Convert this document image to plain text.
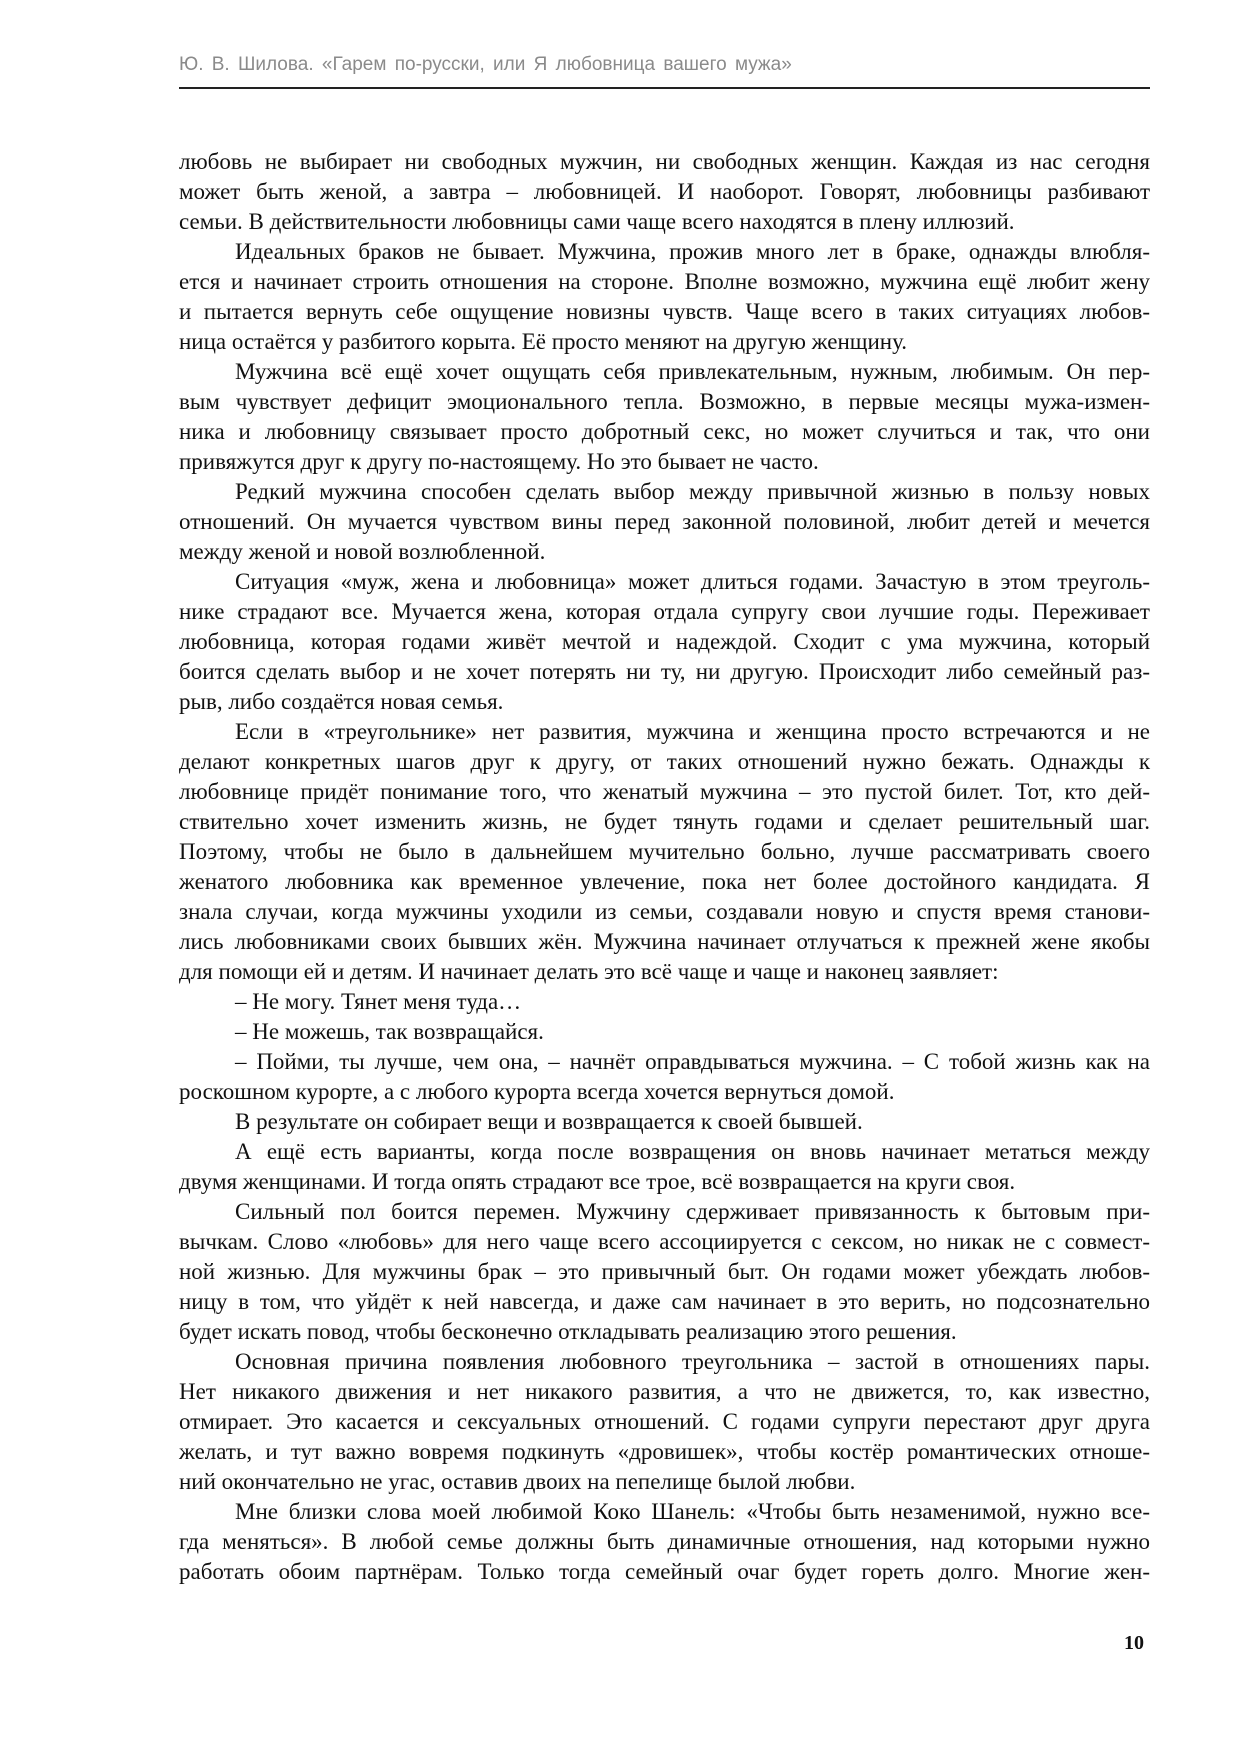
Ю. В. Шилова. «Гарем по-русски, или Я любовница вашего мужа»
любовь не выбирает ни свободных мужчин, ни свободных женщин. Каждая из нас сегодня
может быть женой, а завтра – любовницей. И наоборот. Говорят, любовницы разбивают
семьи. В действительности любовницы сами чаще всего находятся в плену иллюзий.
Идеальных браков не бывает. Мужчина, прожив много лет в браке, однажды влюбля-
ется и начинает строить отношения на стороне. Вполне возможно, мужчина ещё любит жену
и пытается вернуть себе ощущение новизны чувств. Чаще всего в таких ситуациях любов-
ница остаётся у разбитого корыта. Её просто меняют на другую женщину.
Мужчина всё ещё хочет ощущать себя привлекательным, нужным, любимым. Он пер-
вым чувствует дефицит эмоционального тепла. Возможно, в первые месяцы мужа-измен-
ника и любовницу связывает просто добротный секс, но может случиться и так, что они
привяжутся друг к другу по-настоящему. Но это бывает не часто.
Редкий мужчина способен сделать выбор между привычной жизнью в пользу новых
отношений. Он мучается чувством вины перед законной половиной, любит детей и мечется
между женой и новой возлюбленной.
Ситуация «муж, жена и любовница» может длиться годами. Зачастую в этом треуголь-
нике страдают все. Мучается жена, которая отдала супругу свои лучшие годы. Переживает
любовница, которая годами живёт мечтой и надеждой. Сходит с ума мужчина, который
боится сделать выбор и не хочет потерять ни ту, ни другую. Происходит либо семейный раз-
рыв, либо создаётся новая семья.
Если в «треугольнике» нет развития, мужчина и женщина просто встречаются и не
делают конкретных шагов друг к другу, от таких отношений нужно бежать. Однажды к
любовнице придёт понимание того, что женатый мужчина – это пустой билет. Тот, кто дей-
ствительно хочет изменить жизнь, не будет тянуть годами и сделает решительный шаг.
Поэтому, чтобы не было в дальнейшем мучительно больно, лучше рассматривать своего
женатого любовника как временное увлечение, пока нет более достойного кандидата. Я
знала случаи, когда мужчины уходили из семьи, создавали новую и спустя время станови-
лись любовниками своих бывших жён. Мужчина начинает отлучаться к прежней жене якобы
для помощи ей и детям. И начинает делать это всё чаще и чаще и наконец заявляет:
– Не могу. Тянет меня туда…
– Не можешь, так возвращайся.
– Пойми, ты лучше, чем она, – начнёт оправдываться мужчина. – С тобой жизнь как на
роскошном курорте, а с любого курорта всегда хочется вернуться домой.
В результате он собирает вещи и возвращается к своей бывшей.
А ещё есть варианты, когда после возвращения он вновь начинает метаться между
двумя женщинами. И тогда опять страдают все трое, всё возвращается на круги своя.
Сильный пол боится перемен. Мужчину сдерживает привязанность к бытовым при-
вычкам. Слово «любовь» для него чаще всего ассоциируется с сексом, но никак не с совмест-
ной жизнью. Для мужчины брак – это привычный быт. Он годами может убеждать любов-
ницу в том, что уйдёт к ней навсегда, и даже сам начинает в это верить, но подсознательно
будет искать повод, чтобы бесконечно откладывать реализацию этого решения.
Основная причина появления любовного треугольника – застой в отношениях пары.
Нет никакого движения и нет никакого развития, а что не движется, то, как известно,
отмирает. Это касается и сексуальных отношений. С годами супруги перестают друг друга
желать, и тут важно вовремя подкинуть «дровишек», чтобы костёр романтических отноше-
ний окончательно не угас, оставив двоих на пепелище былой любви.
Мне близки слова моей любимой Коко Шанель: «Чтобы быть незаменимой, нужно все-
гда меняться». В любой семье должны быть динамичные отношения, над которыми нужно
работать обоим партнёрам. Только тогда семейный очаг будет гореть долго. Многие жен-
10
